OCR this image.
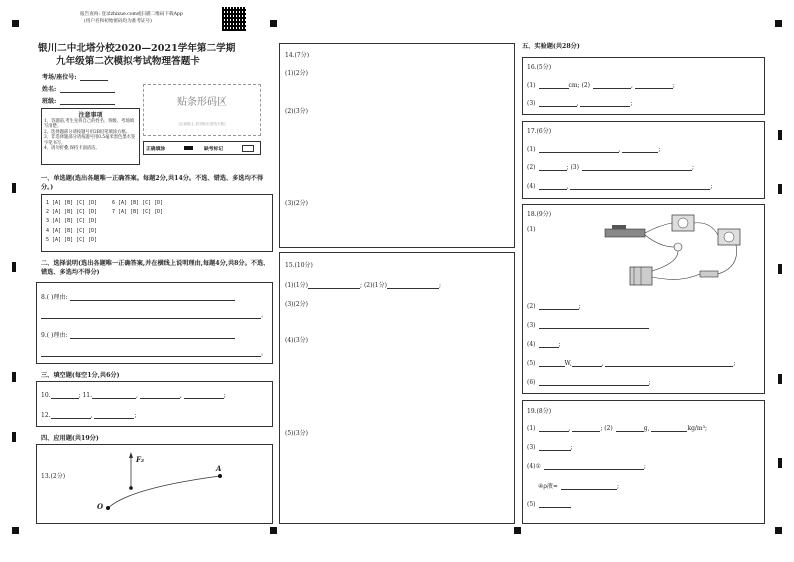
报告查询: 登录zhixue.com或扫描二维码下载App
(用户名和初始密码均为准考证号)
银川二中北塔分校2020—2021学年第二学期
九年级第二次模拟考试物理答题卡
考场/座位号:
姓名:
班级:	贴条形码区
(正面朝上,切勿贴出虚线方框)
注意事项
1、答题前,考生先将自己的姓名、班级、考场填写清楚。
2、选择题部分请按题号用2B铅笔填涂方框。
3、非选择题部分请按题号用0.5毫米黑色墨水签字笔书写。
4、请勿折叠,保持卡面清洁。	正确填涂	缺考标记
一、单选题(选出各题唯一正确答案。每题2分,共14分。不选、错选、多选均不得分。)
1 [A] [B] [C] [D]
2 [A] [B] [C] [D]
3 [A] [B] [C] [D]
4 [A] [B] [C] [D]
5 [A] [B] [C] [D]
6 [A] [B] [C] [D]
7 [A] [B] [C] [D]
二、选择说明(选出各题唯一正确答案,并在横线上说明理由,每题4分,共8分。不选、错选、多选均不得分)
8.( )理由:
。
9.( )理由:
。
三、填空题(每空1分,共6分)
10.	; 11.	,	,	;
12.	,	;
四、应用题(共19分)
13.(2分)
F₂
A
O
14.(7分)
(1)(2分)
(2)(3分)
(3)(2分)
15.(10分)
(1)(1分)	; (2)(1分)	;
(3)(2分)
(4)(3分)
(5)(3分)
五、实验题(共28分)
16.(5分)
(1)	cm; (2)	,	;
(3)	,	;
17.(6分)
(1)	,	;
(2)	; (3)	;
(4)	,	;
18.(9分)
(1)
(2)	;
(3)
(4)	;
(5)	W,	,	;
(6)	;
19.(8分)
(1)	,	; (2)	g,	kg/m³;
(3)	;
(4)①	;
④ρ液=	;
(5)
